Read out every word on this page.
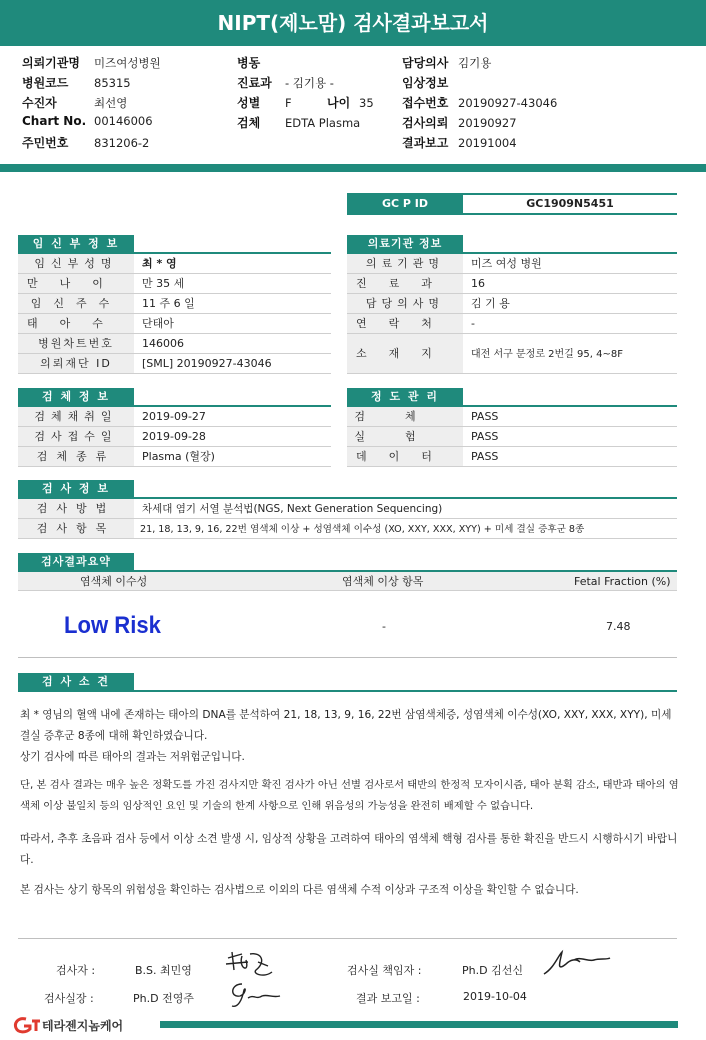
NIPT(제노맘) 검사결과보고서
의뢰기관명 미즈여성병원
병원코드 85315
수진자	최선영
Chart No. 00146006
주민번호 831206-2
병동
진료과 - 김기용 -
성별 F	나이 35
검체 EDTA Plasma
담당의사 김기용
임상정보
접수번호 20190927-43046
검사의뢰 20190927
결과보고 20191004
GC P ID	GC1909N5451
임 신 부 정 보
임신부성명 최 * 영
만나이 만 35 세
임신주수 11 주 6 일
태아수 단태아
병원차트번호	146006
의뢰재단 ID	[SML] 20190927-43046
의료기관 정보
의료기관명 미즈 여성 병원
진료과 16
담당의사명 김 기 용
연락처 -
소재지 대전 서구 문정로 2번길 95, 4~8F
검 체 정 보
검체채취일 2019-09-27
검사접수일 2019-09-28
검체종류 Plasma (혈장)
정 도 관 리
검체 PASS
실험 PASS
데이터 PASS
검 사 정 보
검사방법	차세대 염기 서열 분석법(NGS, Next Generation Sequencing)
검사항목	21, 18, 13, 9, 16, 22번 염색체 이상 + 성염색체 이수성 (XO, XXY, XXX, XYY) + 미세 결실 증후군 8종
검사결과요약
염색체 이수성	염색체 이상 항목	Fetal Fraction (%)
Low Risk	-	7.48
검 사 소 견
최 * 영님의 혈액 내에 존재하는 태아의 DNA를 분석하여 21, 18, 13, 9, 16, 22번 삼염색체증, 성염색체 이수성(XO, XXY, XXX, XYY), 미세 결실 증후군 8종에 대해 확인하였습니다.
상기 검사에 따른 태아의 결과는 저위험군입니다.
단, 본 검사 결과는 매우 높은 정확도를 가진 검사지만 확진 검사가 아닌 선별 검사로서 태반의 한정적 모자이시즘, 태아 분획 감소, 태반과 태아의 염색체 이상 불일치 등의 임상적인 요인 및 기술의 한계 사항으로 인해 위음성의 가능성을 완전히 배제할 수 없습니다.
따라서, 추후 초음파 검사 등에서 이상 소견 발생 시, 임상적 상황을 고려하여 태아의 염색체 핵형 검사를 통한 확진을 반드시 시행하시기 바랍니다.
본 검사는 상기 항목의 위험성을 확인하는 검사법으로 이외의 다른 염색체 수적 이상과 구조적 이상을 확인할 수 없습니다.
검사자 :	B.S. 최민영	검사실 책임자 :	Ph.D 김선신
검사실장 :	Ph.D 전영주	결과 보고일 :	2019-10-04
테라젠지놈케어
